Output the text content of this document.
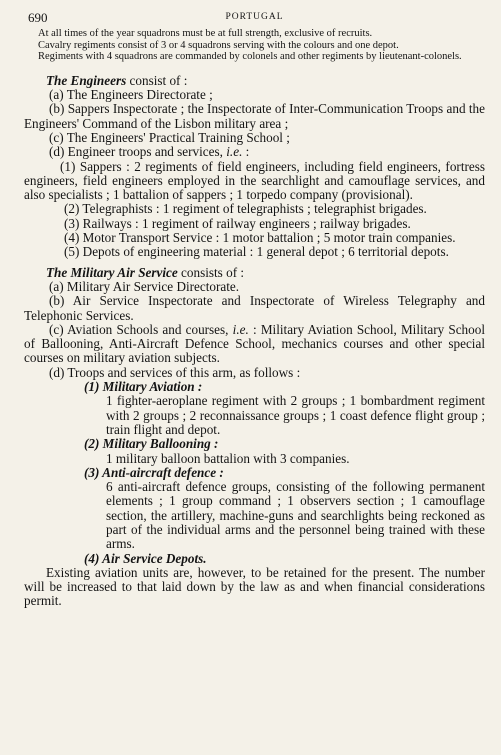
690	PORTUGAL

At all times of the year squadrons must be at full strength, exclusive of recruits.

Cavalry regiments consist of 3 or 4 squadrons serving with the colours and one depot.

Regiments with 4 squadrons are commanded by colonels and other regiments by lieutenant-colonels.

The Engineers consist of :

(a) The Engineers Directorate ;

(b) Sappers Inspectorate ; the Inspectorate of Inter-Communication Troops and the Engineers' Command of the Lisbon military area ;

(c) The Engineers' Practical Training School ;

(d) Engineer troops and services, i.e. :

(1) Sappers : 2 regiments of field engineers, including field engineers, fortress engineers, field engineers employed in the searchlight and camouflage services, and also specialists ; 1 battalion of sappers ; 1 torpedo company (provisional).

(2) Telegraphists : 1 regiment of telegraphists ; telegraphist brigades.

(3) Railways : 1 regiment of railway engineers ; railway brigades.

(4) Motor Transport Service : 1 motor battalion ; 5 motor train companies.

(5) Depots of engineering material : 1 general depot ; 6 territorial depots.

The Military Air Service consists of :

(a) Military Air Service Directorate.

(b) Air Service Inspectorate and Inspectorate of Wireless Telegraphy and Telephonic Services.

(c) Aviation Schools and courses, i.e. : Military Aviation School, Military School of Ballooning, Anti-Aircraft Defence School, mechanics courses and other special courses on military aviation subjects.

(d) Troops and services of this arm, as follows :

(1) Military Aviation :

1 fighter-aeroplane regiment with 2 groups ; 1 bombardment regiment with 2 groups ; 2 reconnaissance groups ; 1 coast defence flight group ; train flight and depot.

(2) Military Ballooning :

1 military balloon battalion with 3 companies.

(3) Anti-aircraft defence :

6 anti-aircraft defence groups, consisting of the following permanent elements ; 1 group command ; 1 observers section ; 1 camouflage section, the artillery, machine-guns and searchlights being reckoned as part of the individual arms and the personnel being trained with these arms.

(4) Air Service Depots.

Existing aviation units are, however, to be retained for the present. The number will be increased to that laid down by the law as and when financial considerations permit.
